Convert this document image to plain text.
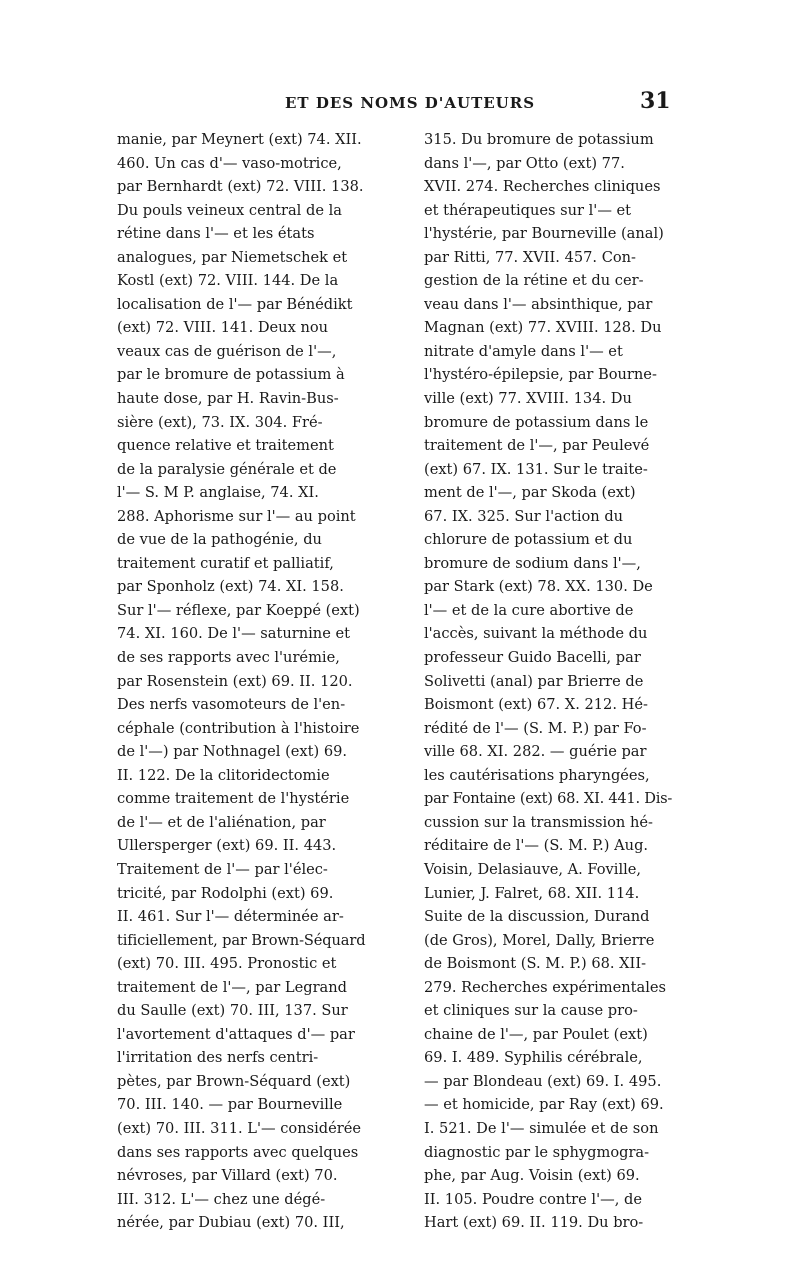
ET DES NOMS D'AUTEURS	31
manie, par Meynert (ext) 74. XII.
460. Un cas d'— vaso-motrice,
par Bernhardt (ext) 72. VIII. 138.
Du pouls veineux central de la
rétine dans l'— et les états
analogues, par Niemetschek et
Kostl (ext) 72. VIII. 144. De la
localisation de l'— par Bénédikt
(ext) 72. VIII. 141. Deux nou
veaux cas de guérison de l'—,
par le bromure de potassium à
haute dose, par H. Ravin-Bus-
sière (ext), 73. IX. 304. Fré-
quence relative et traitement
de la paralysie générale et de
l'— S. M P. anglaise, 74. XI.
288. Aphorisme sur l'— au point
de vue de la pathogénie, du
traitement curatif et palliatif,
par Sponholz (ext) 74. XI. 158.
Sur l'— réflexe, par Koeppé (ext)
74. XI. 160. De l'— saturnine et
de ses rapports avec l'urémie,
par Rosenstein (ext) 69. II. 120.
Des nerfs vasomoteurs de l'en-
céphale (contribution à l'histoire
de l'—) par Nothnagel (ext) 69.
II. 122. De la clitoridectomie
comme traitement de l'hystérie
de l'— et de l'aliénation, par
Ullersperger (ext) 69. II. 443.
Traitement de l'— par l'élec-
tricité, par Rodolphi (ext) 69.
II. 461. Sur l'— déterminée ar-
tificiellement, par Brown-Séquard
(ext) 70. III. 495. Pronostic et
traitement de l'—, par Legrand
du Saulle (ext) 70. III, 137. Sur
l'avortement d'attaques d'— par
l'irritation des nerfs centri-
pètes, par Brown-Séquard (ext)
70. III. 140. — par Bourneville
(ext) 70. III. 311. L'— considérée
dans ses rapports avec quelques
névroses, par Villard (ext) 70.
III. 312. L'— chez une dégé-
nérée, par Dubiau (ext) 70. III,
315. Du bromure de potassium
dans l'—, par Otto (ext) 77.
XVII. 274. Recherches cliniques
et thérapeutiques sur l'— et
l'hystérie, par Bourneville (anal)
par Ritti, 77. XVII. 457. Con-
gestion de la rétine et du cer-
veau dans l'— absinthique, par
Magnan (ext) 77. XVIII. 128. Du
nitrate d'amyle dans l'— et
l'hystéro-épilepsie, par Bourne-
ville (ext) 77. XVIII. 134. Du
bromure de potassium dans le
traitement de l'—, par Peulevé
(ext) 67. IX. 131. Sur le traite-
ment de l'—, par Skoda (ext)
67. IX. 325. Sur l'action du
chlorure de potassium et du
bromure de sodium dans l'—,
par Stark (ext) 78. XX. 130. De
l'— et de la cure abortive de
l'accès, suivant la méthode du
professeur Guido Bacelli, par
Solivetti (anal) par Brierre de
Boismont (ext) 67. X. 212. Hé-
rédité de l'— (S. M. P.) par Fo-
ville 68. XI. 282. — guérie par
les cautérisations pharyngées,
par Fontaine (ext) 68. XI. 441. Dis-
cussion sur la transmission hé-
réditaire de l'— (S. M. P.) Aug.
Voisin, Delasiauve, A. Foville,
Lunier, J. Falret, 68. XII. 114.
Suite de la discussion, Durand
(de Gros), Morel, Dally, Brierre
de Boismont (S. M. P.) 68. XII-
279. Recherches expérimentales
et cliniques sur la cause pro-
chaine de l'—, par Poulet (ext)
69. I. 489. Syphilis cérébrale,
— par Blondeau (ext) 69. I. 495.
— et homicide, par Ray (ext) 69.
I. 521. De l'— simulée et de son
diagnostic par le sphygmogra-
phe, par Aug. Voisin (ext) 69.
II. 105. Poudre contre l'—, de
Hart (ext) 69. II. 119. Du bro-
